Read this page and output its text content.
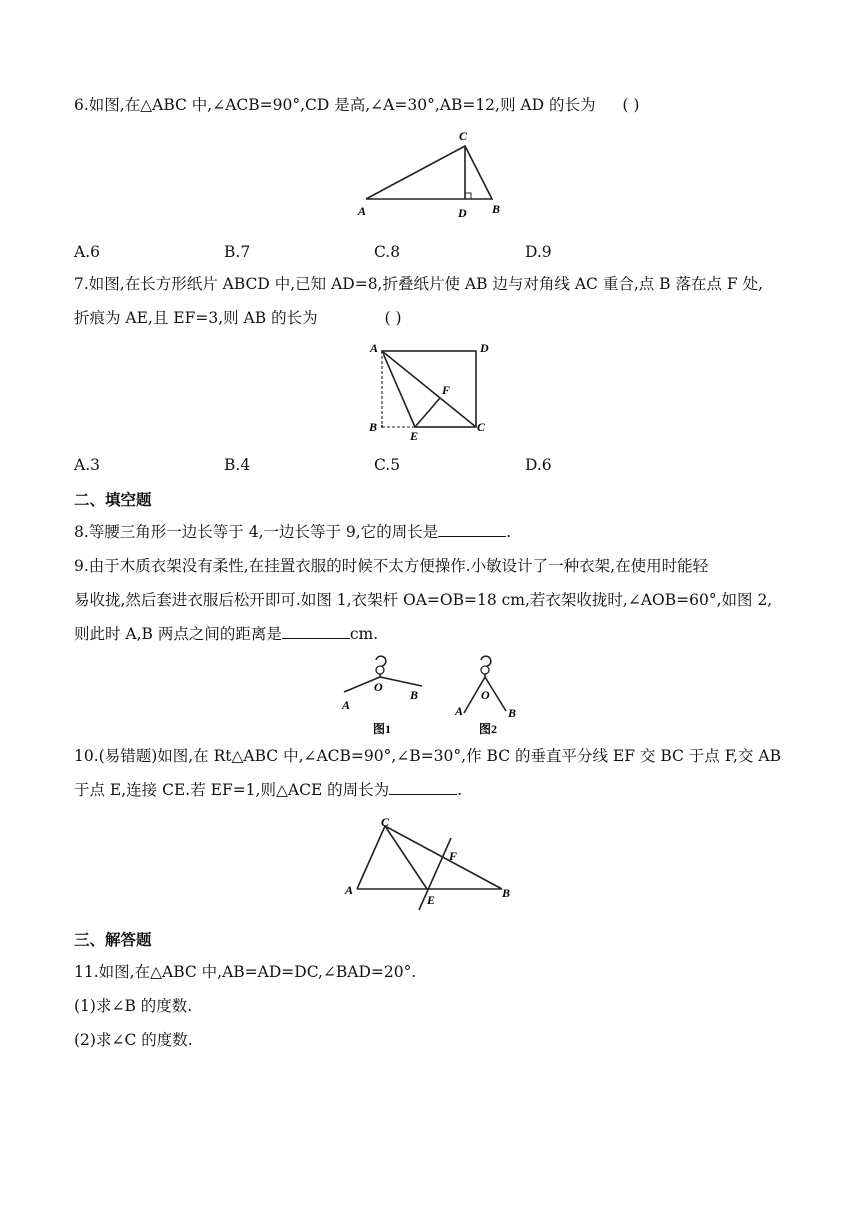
6.如图,在△ABC 中,∠ACB=90°,CD 是高,∠A=30°,AB=12,则 AD 的长为 ( )
A
C
D B
A.6	B.7	C.8	D.9
7.如图,在长方形纸片 ABCD 中,已知 AD=8,折叠纸片使 AB 边与对角线 AC 重合,点 B 落在点 F 处,
折痕为 AE,且 EF=3,则 AB 的长为	( )
A	D
F
B
E
C
A.3	B.4	C.5	D.6
二、填空题
8.等腰三角形一边长等于 4,一边长等于 9,它的周长是	.
9.由于木质衣架没有柔性,在挂置衣服的时候不太方便操作.小敏设计了一种衣架,在使用时能轻
易收拢,然后套进衣服后松开即可.如图 1,衣架杆 OA=OB=18 cm,若衣架收拢时,∠AOB=60°,如图 2,
则此时 A,B 两点之间的距离是	cm.
O
A
B
图1
O
A	B
图2
10.(易错题)如图,在 Rt△ABC 中,∠ACB=90°,∠B=30°,作 BC 的垂直平分线 EF 交 BC 于点 F,交 AB
于点 E,连接 CE.若 EF=1,则△ACE 的周长为	.
C
F
A
E	B
三、解答题
11.如图,在△ABC 中,AB=AD=DC,∠BAD=20°.
(1)求∠B 的度数.
(2)求∠C 的度数.
